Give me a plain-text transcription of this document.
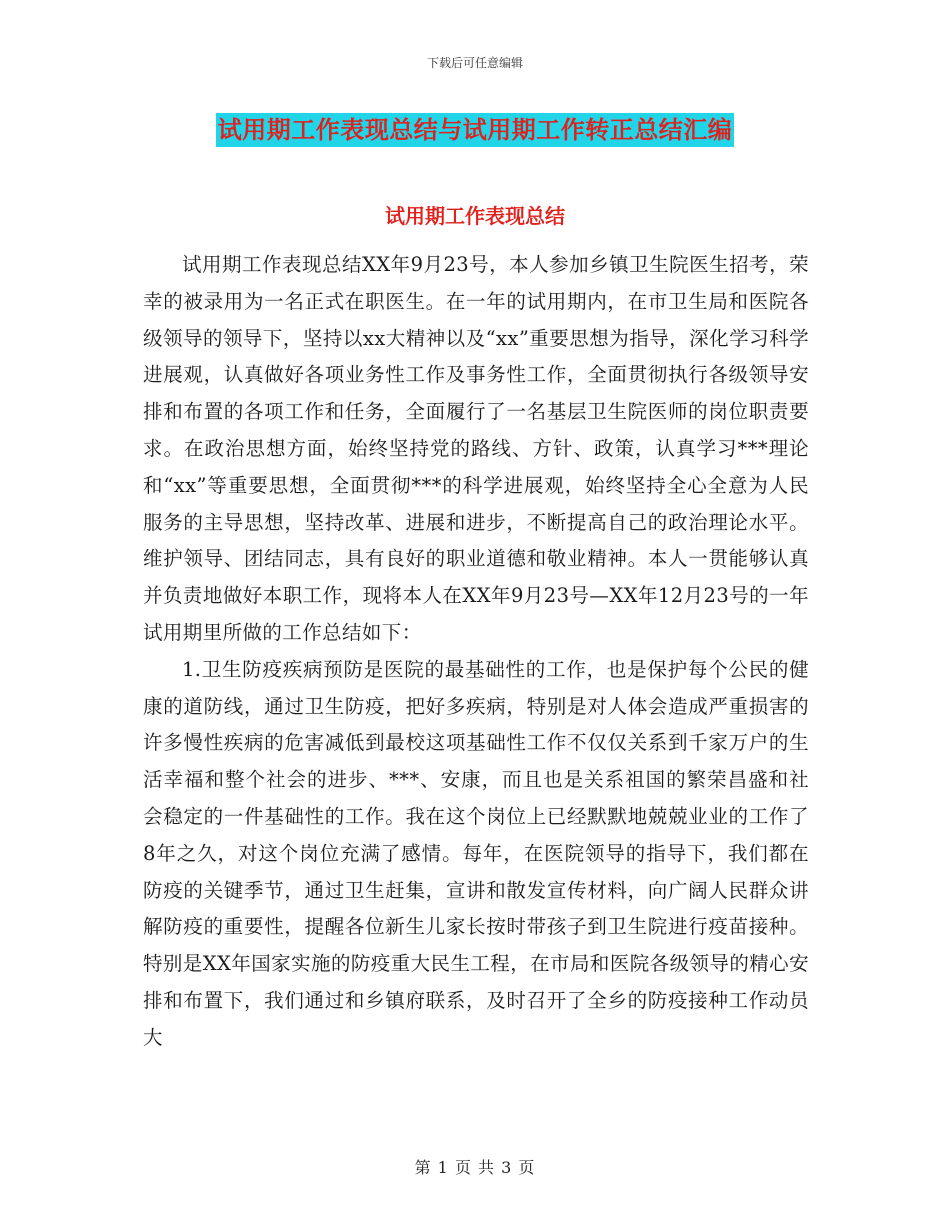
下载后可任意编辑
试用期工作表现总结与试用期工作转正总结汇编
试用期工作表现总结

试用期工作表现总结XX年9月23号，本人参加乡镇卫生院医生招考，荣幸的被录用为一名正式在职医生。在一年的试用期内，在市卫生局和医院各级领导的领导下，坚持以xx大精神以及“xx”重要思想为指导，深化学习科学进展观，认真做好各项业务性工作及事务性工作，全面贯彻执行各级领导安排和布置的各项工作和任务，全面履行了一名基层卫生院医师的岗位职责要求。在政治思想方面，始终坚持党的路线、方针、政策，认真学习***理论和“xx”等重要思想，全面贯彻***的科学进展观，始终坚持全心全意为人民服务的主导思想，坚持改革、进展和进步，不断提高自己的政治理论水平。维护领导、团结同志，具有良好的职业道德和敬业精神。本人一贯能够认真并负责地做好本职工作，现将本人在XX年9月23号—XX年12月23号的一年试用期里所做的工作总结如下：

1.卫生防疫疾病预防是医院的最基础性的工作，也是保护每个公民的健康的道防线，通过卫生防疫，把好多疾病，特别是对人体会造成严重损害的许多慢性疾病的危害减低到最校这项基础性工作不仅仅关系到千家万户的生活幸福和整个社会的进步、***、安康，而且也是关系祖国的繁荣昌盛和社会稳定的一件基础性的工作。我在这个岗位上已经默默地兢兢业业的工作了8年之久，对这个岗位充满了感情。每年，在医院领导的指导下，我们都在防疫的关键季节，通过卫生赶集，宣讲和散发宣传材料，向广阔人民群众讲解防疫的重要性，提醒各位新生儿家长按时带孩子到卫生院进行疫苗接种。特别是XX年国家实施的防疫重大民生工程，在市局和医院各级领导的精心安排和布置下，我们通过和乡镇府联系，及时召开了全乡的防疫接种工作动员大

第 1 页 共 3 页
